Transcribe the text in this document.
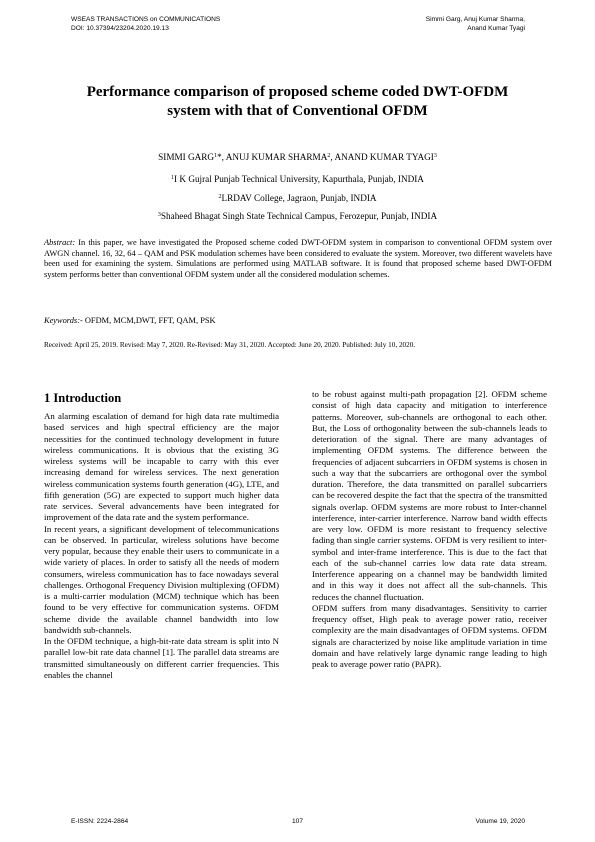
WSEAS TRANSACTIONS on COMMUNICATIONS
DOI: 10.37394/23204.2020.19.13
Simmi Garg, Anuj Kumar Sharma,
Anand Kumar Tyagi
Performance comparison of proposed scheme coded DWT-OFDM
system with that of Conventional OFDM
SIMMI GARG$^1$*, ANUJ KUMAR SHARMA$^2$, ANAND KUMAR TYAGI$^3$
$^1$I K Gujral Punjab Technical University, Kapurthala, Punjab, INDIA
$^2$LRDAV College, Jagraon, Punjab, INDIA
$^3$Shaheed Bhagat Singh State Technical Campus, Ferozepur, Punjab, INDIA
Abstract: In this paper, we have investigated the Proposed scheme coded DWT-OFDM system in comparison to conventional OFDM system over AWGN channel. 16, 32, 64 – QAM and PSK modulation schemes have been considered to evaluate the system. Moreover, two different wavelets have been used for examining the system. Simulations are performed using MATLAB software. It is found that proposed scheme based DWT-OFDM system performs better than conventional OFDM system under all the considered modulation schemes.
Keywords:- OFDM, MCM,DWT, FFT, QAM, PSK
Received: April 25, 2019. Revised: May 7, 2020. Re-Revised: May 31, 2020. Accepted: June 20, 2020. Published: July 10, 2020.
1 Introduction

An alarming escalation of demand for high data rate multimedia based services and high spectral efficiency are the major necessities for the continued technology development in future wireless communications. It is obvious that the existing 3G wireless systems will be incapable to carry with this ever increasing demand for wireless services. The next generation wireless communication systems fourth generation (4G), LTE, and fifth generation (5G) are expected to support much higher data rate services. Several advancements have been integrated for improvement of the data rate and the system performance.

In recent years, a significant development of telecommunications can be observed. In particular, wireless solutions have become very popular, because they enable their users to communicate in a wide variety of places. In order to satisfy all the needs of modern consumers, wireless communication has to face nowadays several challenges. Orthogonal Frequency Division multiplexing (OFDM) is a multi-carrier modulation (MCM) technique which has been found to be very effective for communication systems. OFDM scheme divide the available channel bandwidth into low bandwidth sub-channels.

In the OFDM technique, a high-bit-rate data stream is split into N parallel low-bit rate data channel [1]. The parallel data streams are transmitted simultaneously on different carrier frequencies. This enables the channel

to be robust against multi-path propagation [2]. OFDM scheme consist of high data capacity and mitigation to interference patterns. Moreover, sub-channels are orthogonal to each other. But, the Loss of orthogonality between the sub-channels leads to deterioration of the signal. There are many advantages of implementing OFDM systems. The difference between the frequencies of adjacent subcarriers in OFDM systems is chosen in such a way that the subcarriers are orthogonal over the symbol duration. Therefore, the data transmitted on parallel subcarriers can be recovered despite the fact that the spectra of the transmitted signals overlap. OFDM systems are more robust to Inter-channel interference, inter-carrier interference. Narrow band width effects are very low. OFDM is more resistant to frequency selective fading than single carrier systems. OFDM is very resilient to inter-symbol and inter-frame interference. This is due to the fact that each of the sub-channel carries low data rate data stream. Interference appearing on a channel may be bandwidth limited and in this way it does not affect all the sub-channels. This reduces the channel fluctuation.

OFDM suffers from many disadvantages. Sensitivity to carrier frequency offset, High peak to average power ratio, receiver complexity are the main disadvantages of OFDM systems. OFDM signals are characterized by noise like amplitude variation in time domain and have relatively large dynamic range leading to high peak to average power ratio (PAPR).

E-ISSN: 2224-2864	107	Volume 19, 2020
